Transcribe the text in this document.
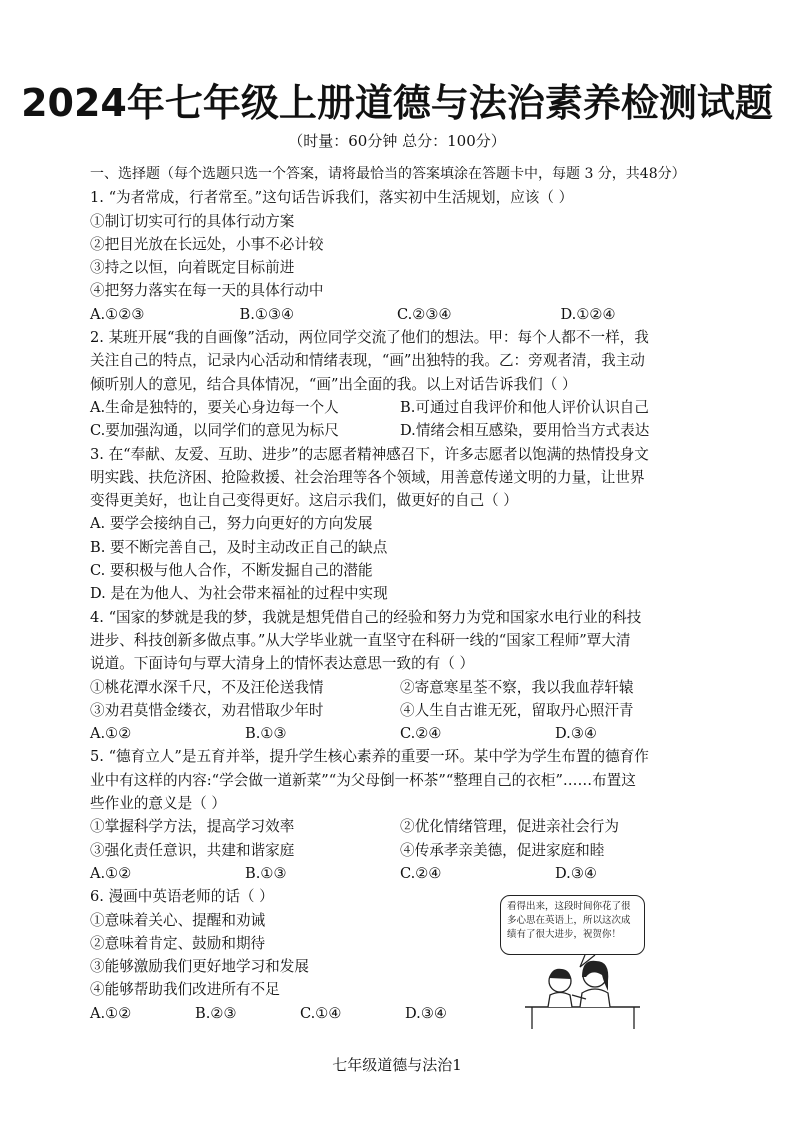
2024年七年级上册道德与法治素养检测试题
（时量：60分钟 总分：100分）
一、选择题（每个选题只选一个答案，请将最恰当的答案填涂在答题卡中，每题 3 分，共48分）
1. “为者常成，行者常至。”这句话告诉我们，落实初中生活规划，应该（ ）
①制订切实可行的具体行动方案
②把目光放在长远处，小事不必计较
③持之以恒，向着既定目标前进
④把努力落实在每一天的具体行动中
A.①②③	B.①③④	C.②③④	D.①②④
2. 某班开展“我的自画像”活动，两位同学交流了他们的想法。甲：每个人都不一样，我
关注自己的特点，记录内心活动和情绪表现，“画”出独特的我。乙：旁观者清，我主动
倾听别人的意见，结合具体情况，“画”出全面的我。以上对话告诉我们（ ）
A.生命是独特的，要关心身边每一个人	B.可通过自我评价和他人评价认识自己
C.要加强沟通，以同学们的意见为标尺	D.情绪会相互感染，要用恰当方式表达
3. 在“奉献、友爱、互助、进步”的志愿者精神感召下，许多志愿者以饱满的热情投身文
明实践、扶危济困、抢险救援、社会治理等各个领域，用善意传递文明的力量，让世界
变得更美好，也让自己变得更好。这启示我们，做更好的自己（ ）
A. 要学会接纳自己，努力向更好的方向发展
B. 要不断完善自己，及时主动改正自己的缺点
C. 要积极与他人合作，不断发掘自己的潜能
D. 是在为他人、为社会带来福祉的过程中实现
4. “国家的梦就是我的梦，我就是想凭借自己的经验和努力为党和国家水电行业的科技
进步、科技创新多做点事。”从大学毕业就一直坚守在科研一线的“国家工程师”覃大清
说道。下面诗句与覃大清身上的情怀表达意思一致的有（ ）
①桃花潭水深千尺，不及汪伦送我情	②寄意寒星荃不察，我以我血荐轩辕
③劝君莫惜金缕衣，劝君惜取少年时	④人生自古谁无死，留取丹心照汗青
A.①②	B.①③	C.②④	D.③④
5. “德育立人”是五育并举，提升学生核心素养的重要一环。某中学为学生布置的德育作
业中有这样的内容:“学会做一道新菜”“为父母倒一杯茶”“整理自己的衣柜”……布置这
些作业的意义是（ ）
①掌握科学方法，提高学习效率	②优化情绪管理，促进亲社会行为
③强化责任意识，共建和谐家庭	④传承孝亲美德，促进家庭和睦
A.①②	B.①③	C.②④	D.③④
6. 漫画中英语老师的话（ ）
①意味着关心、提醒和劝诫
②意味着肯定、鼓励和期待
③能够激励我们更好地学习和发展
④能够帮助我们改进所有不足
A.①②	B.②③	C.①④	D.③④
看得出来，这段时间你花了很多心思在英语上，所以这次成绩有了很大进步，祝贺你！
七年级道德与法治1
